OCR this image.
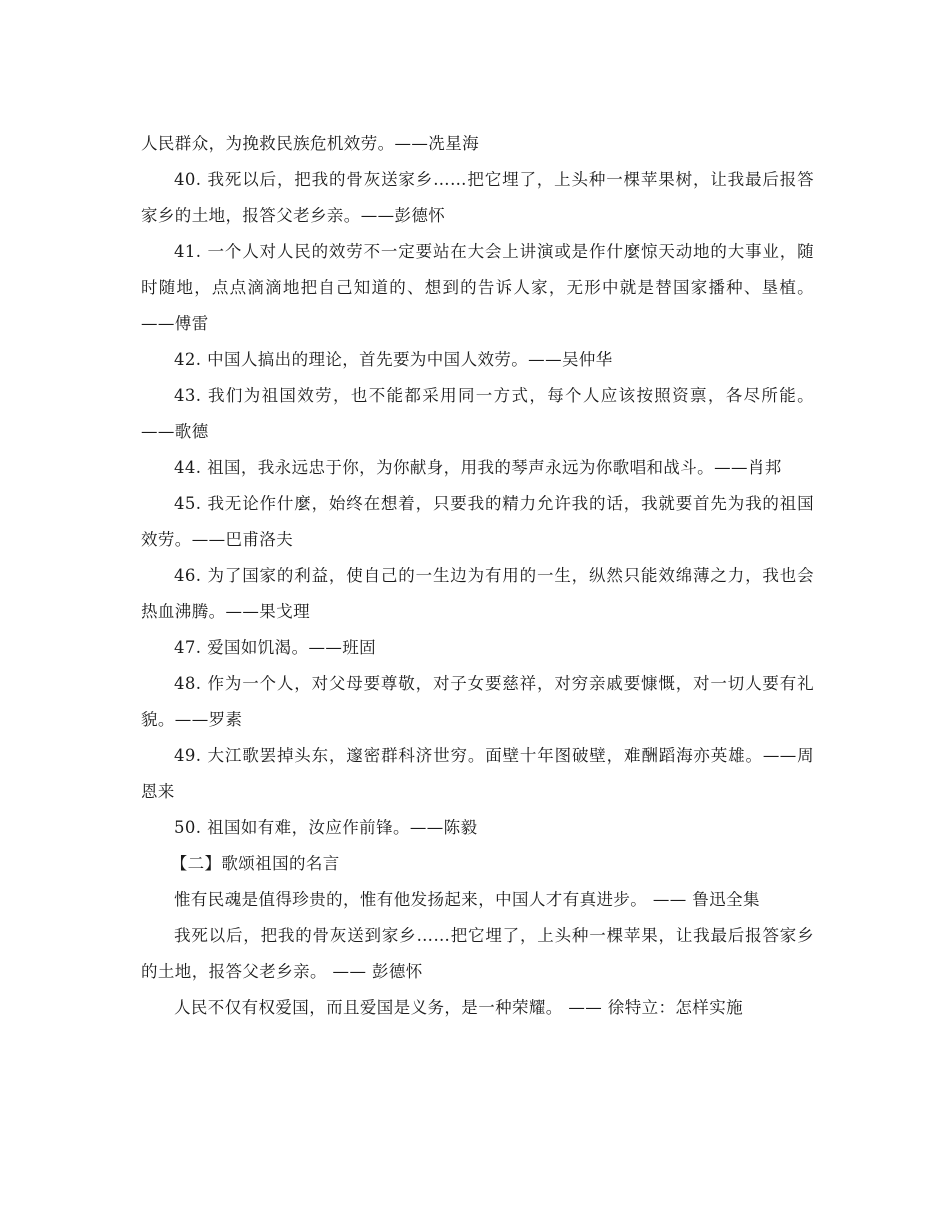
人民群众，为挽救民族危机效劳。——冼星海

40. 我死以后，把我的骨灰送家乡……把它埋了，上头种一棵苹果树，让我最后报答家乡的土地，报答父老乡亲。——彭德怀

41. 一个人对人民的效劳不一定要站在大会上讲演或是作什麼惊天动地的大事业，随时随地，点点滴滴地把自己知道的、想到的告诉人家，无形中就是替国家播种、垦植。——傅雷

42. 中国人搞出的理论，首先要为中国人效劳。——吴仲华

43. 我们为祖国效劳，也不能都采用同一方式，每个人应该按照资禀，各尽所能。——歌德

44. 祖国，我永远忠于你，为你献身，用我的琴声永远为你歌唱和战斗。——肖邦

45. 我无论作什麼，始终在想着，只要我的精力允许我的话，我就要首先为我的祖国效劳。——巴甫洛夫

46. 为了国家的利益，使自己的一生边为有用的一生，纵然只能效绵薄之力，我也会热血沸腾。——果戈理

47. 爱国如饥渴。——班固

48. 作为一个人，对父母要尊敬，对子女要慈祥，对穷亲戚要慷慨，对一切人要有礼貌。——罗素

49. 大江歌罢掉头东，邃密群科济世穷。面壁十年图破壁，难酬蹈海亦英雄。——周恩来

50. 祖国如有难，汝应作前锋。——陈毅

【二】歌颂祖国的名言

惟有民魂是值得珍贵的，惟有他发扬起来，中国人才有真进步。 —— 鲁迅全集

我死以后，把我的骨灰送到家乡……把它埋了，上头种一棵苹果，让我最后报答家乡的土地，报答父老乡亲。 —— 彭德怀

人民不仅有权爱国，而且爱国是义务，是一种荣耀。 —— 徐特立：怎样实施
